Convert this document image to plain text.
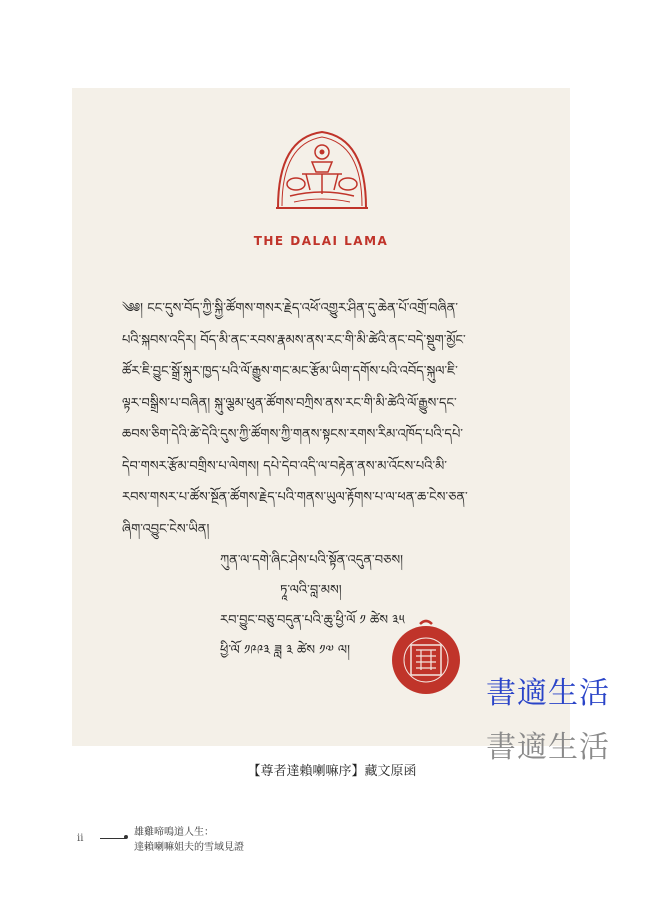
THE DALAI LAMA
༄༅། ངང་དུས་བོད་ཀྱི་སྐྱི་ཚོགས་གསར་རྗེད་འཕོ་འགྱུར་ཤིན་དུ་ཆེན་པོ་འགྲོ་བཞིན་
པའི་སྐབས་འདིར། བོད་མི་ནང་རབས་རྣམས་ནས་རང་གི་མི་ཚེའི་ནང་བདེ་སྡུག་མྱོང་
ཚོར་ཇི་བྱུང་སྒྲོ་སྐུར་ཁྱད་པའི་ལོ་རྒྱུས་གང་མང་རྩོམ་ཡིག་དགོས་པའི་འབོད་སྐུལ་ཇི་
ལྟར་བསྒྲིས་པ་བཞིན། སྐུ་ལྕམ་ཕུན་ཚོགས་བཀྲིས་ནས་རང་གི་མི་ཚེའི་ལོ་རྒྱུས་དང་
ཆབས་ཅིག་དེའི་ཚེ་དེའི་དུས་ཀྱི་ཚོགས་ཀྱི་གནས་སྟངས་རགས་རིམ་འཁོད་པའི་དཔེ་
དེབ་གསར་རྩོམ་བགྲིས་པ་ལེགས། དཔེ་དེབ་འདི་ལ་བརྟེན་ནས་མ་འོངས་པའི་མི་
རབས་གསར་པ་ཚོས་སྔོན་ཚོགས་རྗེད་པའི་གནས་ཡུལ་རྟོགས་པ་ལ་ཕན་ཆ་ངེས་ཅན་
ཞིག་འབྱུང་ངེས་ཡིན།
ཀུན་ལ་དགེ་ཞིང་ཤེས་པའི་སྟོན་འདུན་བཅས།
ཏཱ་ལའི་བླ་མས།
རབ་བྱུང་བཅུ་བདུན་པའི་ཆུ་ཕྱི་ལོ ༡ ཚེས ༣༥
ཕྱི་ལོ ༡༩༩༣ ཟླ ༣ ཚེས ༡༧ ལ།
書適生活
書適生活
【尊者達賴喇嘛序】藏文原函
ii
雄雞啼鳴道人生：
達賴喇嘛姐夫的雪域見證
